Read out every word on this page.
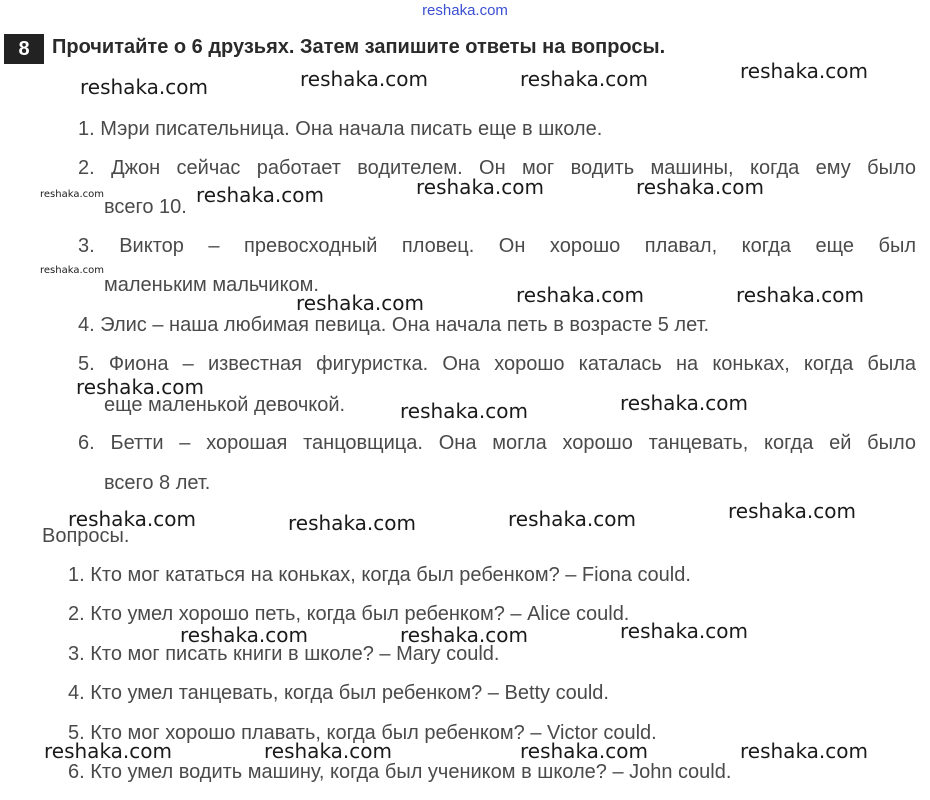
reshaka.com
8	Прочитайте о 6 друзьях. Затем запишите ответы на вопросы.
1. Мэри писательница. Она начала писать еще в школе.
2. Джон сейчас работает водителем. Он мог водить машины, когда ему было
всего 10.
3. Виктор – превосходный пловец. Он хорошо плавал, когда еще был
маленьким мальчиком.
4. Элис – наша любимая певица. Она начала петь в возрасте 5 лет.
5. Фиона – известная фигуристка. Она хорошо каталась на коньках, когда была
еще маленькой девочкой.
6. Бетти – хорошая танцовщица. Она могла хорошо танцевать, когда ей было
всего 8 лет.
Вопросы.
1. Кто мог кататься на коньках, когда был ребенком? – Fiona could.
2. Кто умел хорошо петь, когда был ребенком? – Alice could.
3. Кто мог писать книги в школе? – Mary could.
4. Кто умел танцевать, когда был ребенком? – Betty could.
5. Кто мог хорошо плавать, когда был ребенком? – Victor could.
6. Кто умел водить машину, когда был учеником в школе? – John could.
reshaka.com	reshaka.com	reshaka.com	reshaka.com
reshaka.com	reshaka.com	reshaka.com	reshaka.com
reshaka.com
reshaka.com	reshaka.com	reshaka.com
reshaka.com
reshaka.com	reshaka.com
reshaka.com	reshaka.com	reshaka.com	reshaka.com
reshaka.com	reshaka.com	reshaka.com
reshaka.com	reshaka.com	reshaka.com	reshaka.com
